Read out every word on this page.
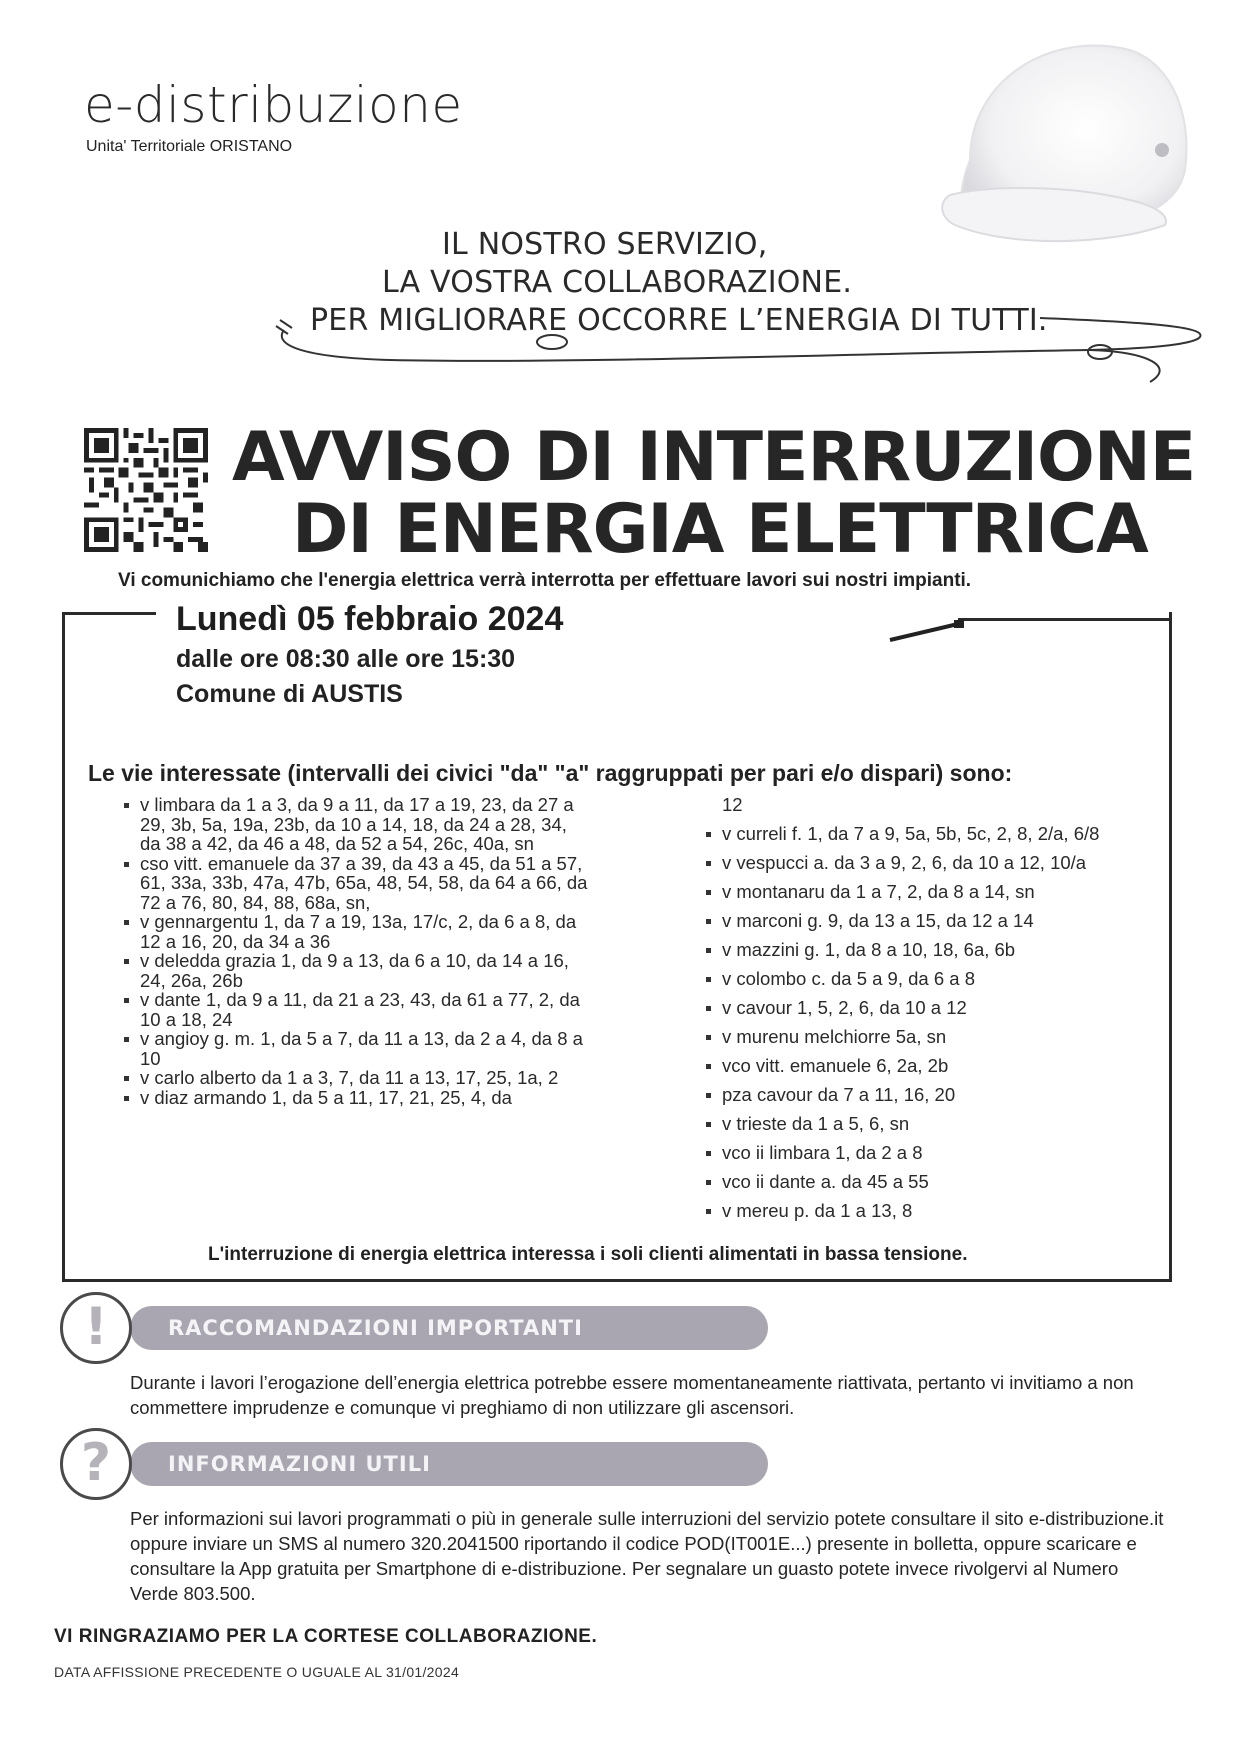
e-distribuzione
Unita' Territoriale ORISTANO
IL NOSTRO SERVIZIO,
LA VOSTRA COLLABORAZIONE.
PER MIGLIORARE OCCORRE L’ENERGIA DI TUTTI.
AVVISO DI INTERRUZIONE
DI ENERGIA ELETTRICA
Vi comunichiamo che l'energia elettrica verrà interrotta per effettuare lavori sui nostri impianti.
Lunedì 05 febbraio 2024
dalle ore 08:30 alle ore 15:30
Comune di AUSTIS
Le vie interessate (intervalli dei civici "da" "a" raggruppati per pari e/o dispari) sono:
v limbara da 1 a 3, da 9 a 11, da 17 a 19, 23, da 27 a 29, 3b, 5a, 19a, 23b, da 10 a 14, 18, da 24 a 28, 34, da 38 a 42, da 46 a 48, da 52 a 54, 26c, 40a, sn
cso vitt. emanuele da 37 a 39, da 43 a 45, da 51 a 57, 61, 33a, 33b, 47a, 47b, 65a, 48, 54, 58, da 64 a 66, da 72 a 76, 80, 84, 88, 68a, sn,
v gennargentu 1, da 7 a 19, 13a, 17/c, 2, da 6 a 8, da 12 a 16, 20, da 34 a 36
v deledda grazia 1, da 9 a 13, da 6 a 10, da 14 a 16, 24, 26a, 26b
v dante 1, da 9 a 11, da 21 a 23, 43, da 61 a 77, 2, da 10 a 18, 24
v angioy g. m. 1, da 5 a 7, da 11 a 13, da 2 a 4, da 8 a 10
v carlo alberto da 1 a 3, 7, da 11 a 13, 17, 25, 1a, 2
v diaz armando 1, da 5 a 11, 17, 21, 25, 4, da
12
v curreli f. 1, da 7 a 9, 5a, 5b, 5c, 2, 8, 2/a, 6/8
v vespucci a. da 3 a 9, 2, 6, da 10 a 12, 10/a
v montanaru da 1 a 7, 2, da 8 a 14, sn
v marconi g. 9, da 13 a 15, da 12 a 14
v mazzini g. 1, da 8 a 10, 18, 6a, 6b
v colombo c. da 5 a 9, da 6 a 8
v cavour 1, 5, 2, 6, da 10 a 12
v murenu melchiorre 5a, sn
vco vitt. emanuele 6, 2a, 2b
pza cavour da 7 a 11, 16, 20
v trieste da 1 a 5, 6, sn
vco ii limbara 1, da 2 a 8
vco ii dante a. da 45 a 55
v mereu p. da 1 a 13, 8
L'interruzione di energia elettrica interessa i soli clienti alimentati in bassa tensione.
!	RACCOMANDAZIONI IMPORTANTI
Durante i lavori l’erogazione dell’energia elettrica potrebbe essere momentaneamente riattivata, pertanto vi invitiamo a non commettere imprudenze e comunque vi preghiamo di non utilizzare gli ascensori.
?	INFORMAZIONI UTILI
Per informazioni sui lavori programmati o più in generale sulle interruzioni del servizio potete consultare il sito e-distribuzione.it oppure inviare un SMS al numero 320.2041500 riportando il codice POD(IT001E...) presente in bolletta, oppure scaricare e consultare la App gratuita per Smartphone di e-distribuzione. Per segnalare un guasto potete invece rivolgervi al Numero Verde 803.500.
VI RINGRAZIAMO PER LA CORTESE COLLABORAZIONE.
DATA AFFISSIONE PRECEDENTE O UGUALE AL 31/01/2024
